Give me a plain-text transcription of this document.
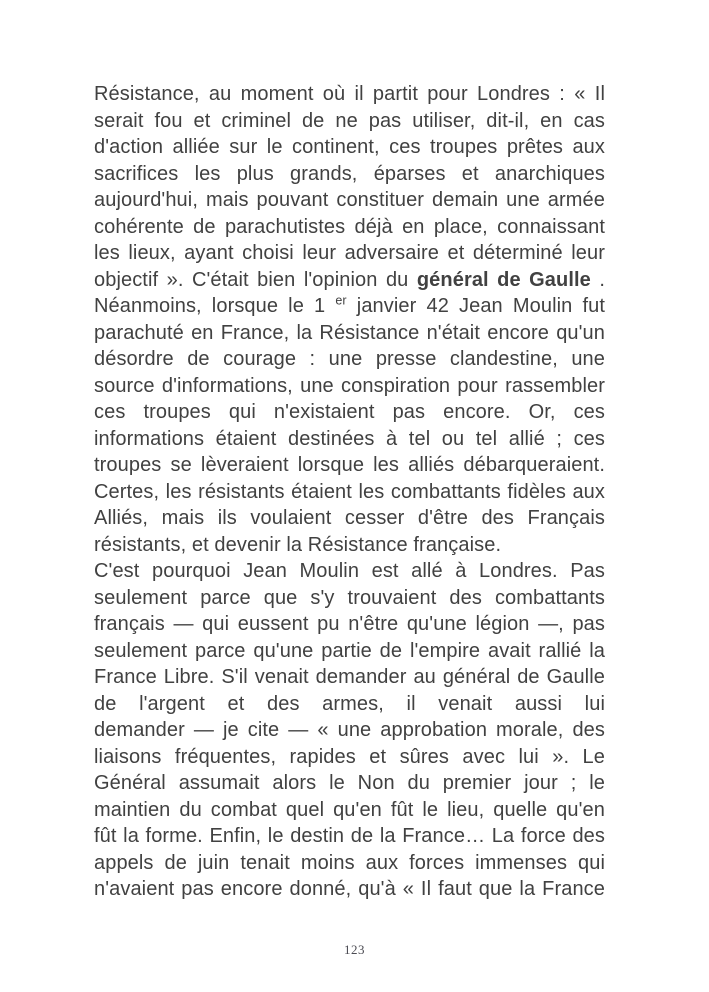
Résistance, au moment où il partit pour Londres : « Il
serait fou et criminel de ne pas utiliser, dit-il, en cas
d'action alliée sur le continent, ces troupes prêtes aux
sacrifices les plus grands, éparses et anarchiques
aujourd'hui, mais pouvant constituer demain une armée
cohérente de parachutistes déjà en place, connaissant
les lieux, ayant choisi leur adversaire et déterminé leur
objectif ». C'était bien l'opinion du général de Gaulle .
Néanmoins, lorsque le 1 $^{er}$ janvier 42 Jean Moulin fut
parachuté en France, la Résistance n'était encore qu'un
désordre de courage : une presse clandestine, une
source d'informations, une conspiration pour rassembler
ces troupes qui n'existaient pas encore. Or, ces
informations étaient destinées à tel ou tel allié ; ces
troupes se lèveraient lorsque les alliés débarqueraient.
Certes, les résistants étaient les combattants fidèles aux
Alliés, mais ils voulaient cesser d'être des Français
résistants, et devenir la Résistance française.
C'est pourquoi Jean Moulin est allé à Londres. Pas
seulement parce que s'y trouvaient des combattants
français — qui eussent pu n'être qu'une légion —, pas
seulement parce qu'une partie de l'empire avait rallié la
France Libre. S'il venait demander au général de Gaulle
de l'argent et des armes, il venait aussi lui
demander — je cite — « une approbation morale, des
liaisons fréquentes, rapides et sûres avec lui ». Le
Général assumait alors le Non du premier jour ; le
maintien du combat quel qu'en fût le lieu, quelle qu'en
fût la forme. Enfin, le destin de la France… La force des
appels de juin tenait moins aux forces immenses qui
n'avaient pas encore donné, qu'à « Il faut que la France
123
